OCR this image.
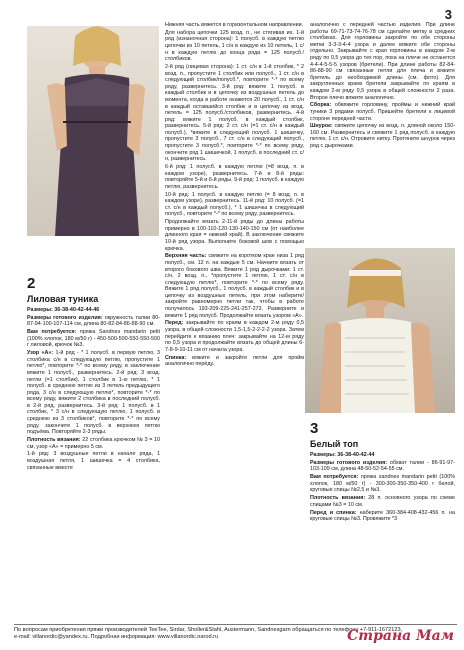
3
2
Лиловая туника

Размеры: 36-38-40-42-44-46

Размеры готового изделия: окружность талии 80-87-94-100-107-114 см, длина 80-82-84-86-88-90 см.

Вам потребуется: пряжа Sandnes mandarin petit (100% хлопок, 180 м/50 г) - 450-500-500-550-550-500 г лиловой, крючок №3.

Узор «А»: 1-й ряд - * 1 полусб. в первую петлю, 3 столбика с/н в следующую петлю, пропустите 1 петлю*, повторите *-* по всему ряду, в заключение вяжите 1 полусб., развернитесь. 2-й ряд: 3 возд. петли (=1 столбик), 1 столбик в 1-ю петлю, * 1 полусб. в среднюю петлю из 3 петель предыдущего ряда, 3 с/н в следующую петлю*, повторите *-* по всему ряду, вяжите 2 столбика в последний полусб. в 2-й ряд, развернитесь. 3-й ряд: 1 полусб. в 1 столбик, * 3 с/н в следующую петлю, 1 полусб. в среднюю из 3 столбиков*, повторите *-* по всему ряду, закончите 1 полусб. в верхнюю петлю подъёма. Повторяйте 2-3 ряды.

Плотность вязания: 22 столбика крючком № 3 = 10 см, узор «А» = примерно 5 см.

1-й ряд: 3 воздушные петли в начале ряда, 1 воздушная петля, 1 шишечка = 4 столбика, связанные вместе

Нижняя часть вяжется в горизонтальном направлении.

Для набора цепочки 125 возд. п., не стягивая их. 1-й ряд (изнаночная сторона): 1 полусб. в каждую петлю цепочки из 10 петель, 1 с/н в каждую из 10 петель, 1 с/н в каждую петлю до конца ряда = 125 полусб./столбиков.

2-й ряд (лицевая сторона): 1 ст. с/н в 1-й столбик, * 2 возд. п., пропустите 1 столбик или полусб., 1 ст. с/н в следующий столбик/полусб.*, повторите *-* по всему ряду, развернитесь. 3-й ряд: вяжите 1 полусб. в каждый столбик и в цепочку из воздушных петель до момента, когда в работе окажется 20 полусб., 1 ст. с/н в каждый оставшийся столбик и в цепочку из возд. петель = 125 полусб./столбиков, развернитесь. 4-й ряд: вяжите 1 полусб. в каждый столбик, развернитесь. 5-й ряд: 2 ст. с/н (=1 ст. с/н в каждый полусб.), *вяжите в следующий полусб. 1 шишечку, пропустите 3 полусб., 7 ст. с/н в следующий полусб., пропустите 3 полусб.*, повторите *-* по всему ряду, окончите ряд 1 шишечкой, 1 полусб. в последний ст. с/н, развернитесь.

6-й ряд: 1 полусб. в каждую петлю (=8 возд. п. в каждом узоре), развернитесь. 7-й и 8-й ряды: повторяйте 5-й и 6-й ряды. 9-й ряд: 1 полусб. в каждую петлю, развернитесь.

10-й ряд: 1 полусб. в каждую петлю (= 8 возд. п. в каждом узоре), развернитесь. 11-й ряд: 10 полусб. (=1 ст. с/н в каждый полусб.), * 1 шишечка в следующий полусб., повторите *-* по всему ряду, развернитесь.

Продолжайте вязать 2-11-й ряды до длины работы примерно в 100-110-120-130-140-150 см (от наиболее длинного края = нижний край). В заключение свяжите 10-й ряд узора. Выполните боковой шов с помощью крючка.

Верхняя часть: свяжите на коротком крае низа 1 ряд полусб., см. 12 п. на каждые 5 см. Начните вязать от второго бокового шва. Вяжите 1 ряд дырочками: 1 ст. с/н, 2 возд. п., *пропустите 1 петлю, 1 ст. с/н в следующую петлю*, повторите *-* по всему ряду. Вяжите 1 ряд полусб., 1 полусб. в каждый столбик и в цепочку из воздушных петель, при этом наберите/закройте равномерно петли так, чтобы в работе получилось 193-209-225-241-257-273. Разверните и вяжите 1 ряд полусб. Продолжайте вязать узором «А».

Перед: закрывайте по краям в каждом 2-м ряду 0,5 узора, в общей сложности 1,5-1,5-2-2-2-2 узора. Затем перейдите к вязанию плеч: закрывайте на 12-м ряду по 0,5 узора и продолжайте вязать до общей длины 6-7-8-9-10-11 см от начала узора.

Спинка: вяжите и закройте петли для пройм аналогично перёду.

аналогично с передней частью изделия. При длине работы 69-71-73-74-76-78 см сделайте метку в средних столбиках. Для горловины закройте по обе стороны метки 3-3-3-4-4 узора и далее вяжите обе стороны отдельно. Закрывайте с края горловины в каждом 2-м ряду по 0,5 узора до тех пор, пока на плече не останется 4-4-4-5-5-5 узоров (бретели). При длине работы 82-84-86-88-90 см связанные петли для плеча и вяжите бретель до необходимой длины (см. фото). Для закругленных краев бретели закрывайте по краям в каждом 2-м ряду 0,5 узора в общей сложности 2 раза. Второе плечо вяжите аналогично.

Сборка: обвяжите горловину, проймы и нижний край туники 3 рядами полусб. Пришейте бретели к лицевой стороне передней части.

Шнурок: свяжите цепочку из возд. п. длиной около 150-160 см. Развернитесь и свяжите 1 ряд полусб. в каждую петлю, 1 ст. с/н. Отровите нитку. Протяните шнурок через ряд с дырочками.

3
Белый топ

Размеры: 36-38-40-42-44

Размеры готового изделия: обхват талии - 86-91-97-103-109 см, длина 48-50-52-54-55 см.

Вам потребуется: пряжа sandnes mandarin petit (100% хлопок, 180 м/50 г) - 300-300-350-350-400 г белой, круговые спицы №2,5 и №3.

Плотность вязания: 28 п. основного узора по схеме спицами №3 = 10 см.

Перед и спинка: наберите 360-384-408-432-456 п. на круговые спицы №3. Провяжите *3

По вопросам приобретения пряжи производителей TeeTee, Sirdar, Sholler&Stahl, Austermann, Sandnesgarn обращаться по телефону +7-911-1672123,
e-mail: villanordic@yandex.ru. Подробная информация: www.villanordic.narod.ru	Страна Мам
